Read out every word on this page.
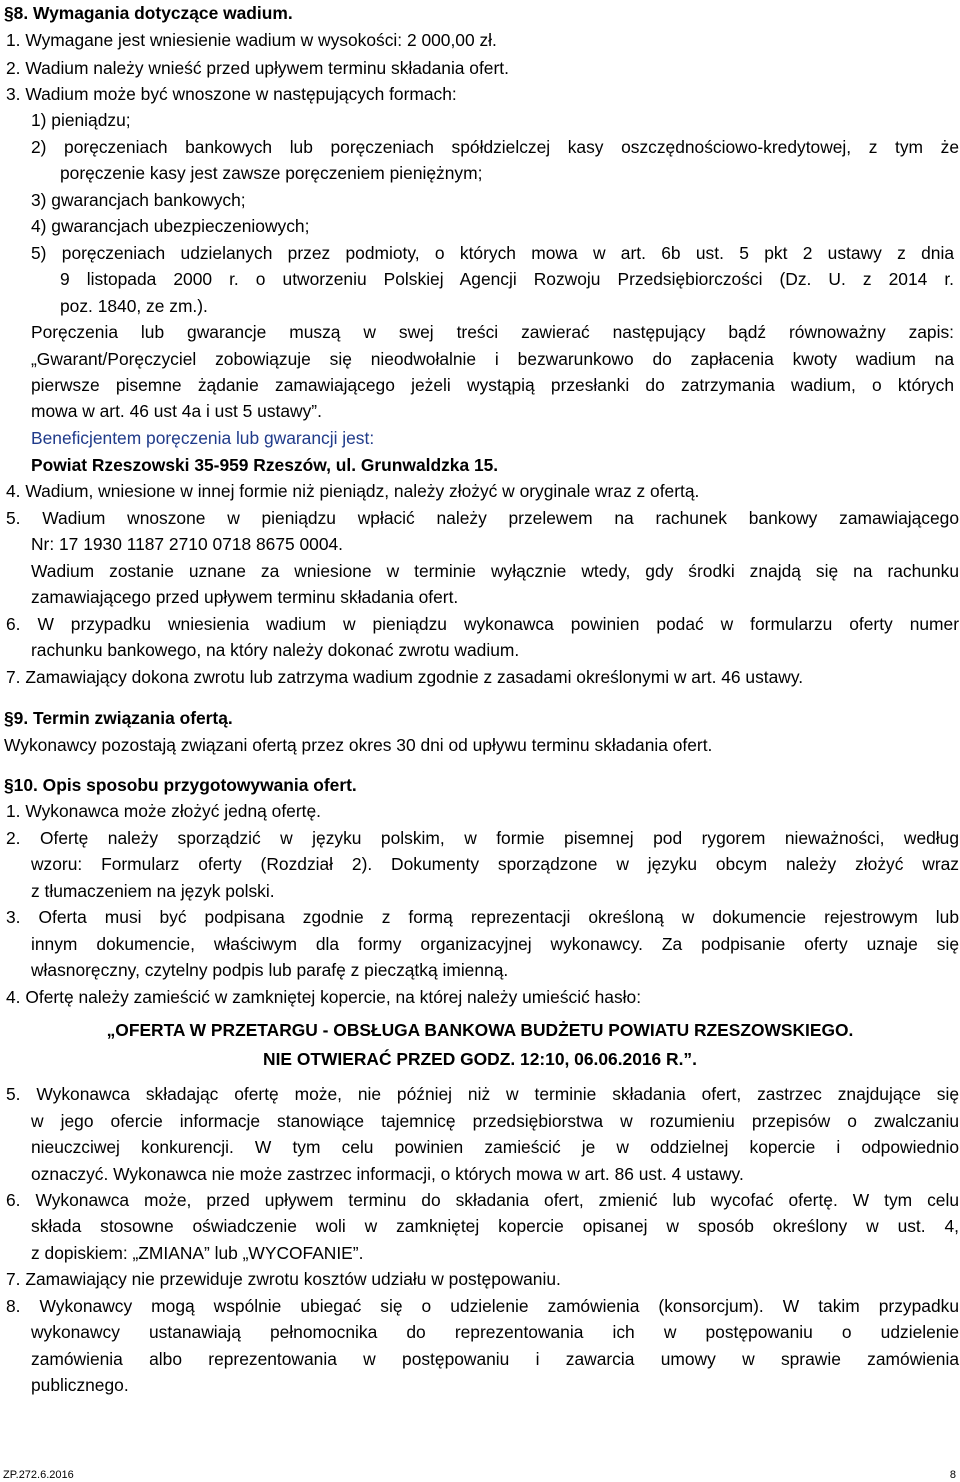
§8. Wymagania dotyczące wadium.
1. Wymagane jest wniesienie wadium w wysokości: 2 000,00 zł.
2. Wadium należy wnieść przed upływem terminu składania ofert.
3. Wadium może być wnoszone w następujących formach:
1) pieniądzu;
2) poręczeniach bankowych lub poręczeniach spółdzielczej kasy oszczędnościowo-kredytowej, z tym że
poręczenie kasy jest zawsze poręczeniem pieniężnym;
3) gwarancjach bankowych;
4) gwarancjach ubezpieczeniowych;
5) poręczeniach udzielanych przez podmioty, o których mowa w art. 6b ust. 5 pkt 2 ustawy z dnia
9 listopada 2000 r. o utworzeniu Polskiej Agencji Rozwoju Przedsiębiorczości (Dz. U. z 2014 r.
poz. 1840, ze zm.).
Poręczenia lub gwarancje muszą w swej treści zawierać następujący bądź równoważny zapis:
„Gwarant/Poręczyciel zobowiązuje się nieodwołalnie i bezwarunkowo do zapłacenia kwoty wadium na
pierwsze pisemne żądanie zamawiającego jeżeli wystąpią przesłanki do zatrzymania wadium, o których
mowa w art. 46 ust 4a i ust 5 ustawy”.
Beneficjentem poręczenia lub gwarancji jest:
Powiat Rzeszowski 35-959 Rzeszów, ul. Grunwaldzka 15.
4. Wadium, wniesione w innej formie niż pieniądz, należy złożyć w oryginale wraz z ofertą.
5. Wadium wnoszone w pieniądzu wpłacić należy przelewem na rachunek bankowy zamawiającego
Nr: 17 1930 1187 2710 0718 8675 0004.
Wadium zostanie uznane za wniesione w terminie wyłącznie wtedy, gdy środki znajdą się na rachunku
zamawiającego przed upływem terminu składania ofert.
6. W przypadku wniesienia wadium w pieniądzu wykonawca powinien podać w formularzu oferty numer
rachunku bankowego, na który należy dokonać zwrotu wadium.
7. Zamawiający dokona zwrotu lub zatrzyma wadium zgodnie z zasadami określonymi w art. 46 ustawy.
§9. Termin związania ofertą.
Wykonawcy pozostają związani ofertą przez okres 30 dni od upływu terminu składania ofert.
§10. Opis sposobu przygotowywania ofert.
1. Wykonawca może złożyć jedną ofertę.
2. Ofertę należy sporządzić w języku polskim, w formie pisemnej pod rygorem nieważności, według
wzoru: Formularz oferty (Rozdział 2). Dokumenty sporządzone w języku obcym należy złożyć wraz
z tłumaczeniem na język polski.
3. Oferta musi być podpisana zgodnie z formą reprezentacji określoną w dokumencie rejestrowym lub
innym dokumencie, właściwym dla formy organizacyjnej wykonawcy. Za podpisanie oferty uznaje się
własnoręczny, czytelny podpis lub parafę z pieczątką imienną.
4. Ofertę należy zamieścić w zamkniętej kopercie, na której należy umieścić hasło:
„OFERTA W PRZETARGU - OBSŁUGA BANKOWA BUDŻETU POWIATU RZESZOWSKIEGO.
NIE OTWIERAĆ PRZED GODZ. 12:10, 06.06.2016 R.”.
5. Wykonawca składając ofertę może, nie później niż w terminie składania ofert, zastrzec znajdujące się
w jego ofercie informacje stanowiące tajemnicę przedsiębiorstwa w rozumieniu przepisów o zwalczaniu
nieuczciwej konkurencji. W tym celu powinien zamieścić je w oddzielnej kopercie i odpowiednio
oznaczyć. Wykonawca nie może zastrzec informacji, o których mowa w art. 86 ust. 4 ustawy.
6. Wykonawca może, przed upływem terminu do składania ofert, zmienić lub wycofać ofertę. W tym celu
składa stosowne oświadczenie woli w zamkniętej kopercie opisanej w sposób określony w ust. 4,
z dopiskiem: „ZMIANA” lub „WYCOFANIE”.
7. Zamawiający nie przewiduje zwrotu kosztów udziału w postępowaniu.
8. Wykonawcy mogą wspólnie ubiegać się o udzielenie zamówienia (konsorcjum). W takim przypadku
wykonawcy ustanawiają pełnomocnika do reprezentowania ich w postępowaniu o udzielenie
zamówienia albo reprezentowania w postępowaniu i zawarcia umowy w sprawie zamówienia
publicznego.
ZP.272.6.2016	8
